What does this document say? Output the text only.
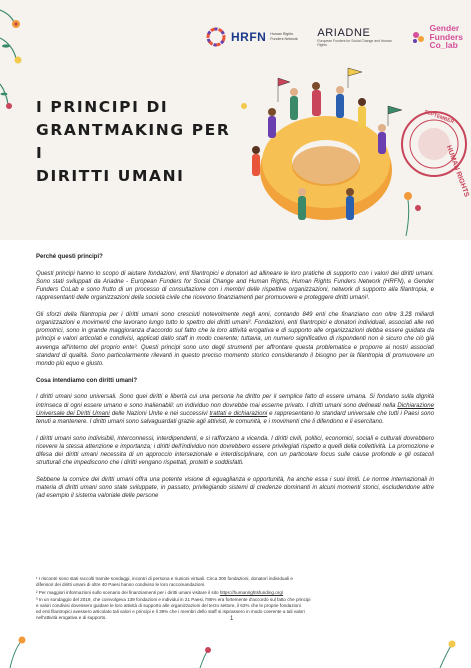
HRFN Human Rights Funders Network	ARIADNE
European Funders for Social Change and Human Rights
Gender
Funders
Co_lab
I PRINCIPI DI
GRANTMAKING PER I
DIRITTI UMANI
SEPTEMBER
HUMAN RIGHTS

Perché questi principi?

Questi principi hanno lo scopo di aiutare fondazioni, enti filantropici e donatori ad allineare le loro pratiche di supporto con i valori dei diritti umani. Sono stati sviluppati da Ariadne - European Funders for Social Change and Human Rights, Human Rights Funders Network (HRFN), e Gender Funders CoLab e sono frutto di un processo di consultazione con i membri delle rispettive organizzazioni, network di supporto alla filantropia, e rappresentanti delle organizzazioni della società civile che ricevono finanziamenti per promuovere e proteggere diritti umani¹.

Gli sforzi della filantropia per i diritti umani sono cresciuti notevolmente negli anni, contando 849 enti che finanziano con oltre 3.2$ miliardi organizzazioni e movimenti che lavorano lungo tutto lo spettro dei diritti umani². Fondazioni, enti filantropici e donatori individuali, associati alle reti promotrici, sono in grande maggioranza d'accordo sul fatto che la loro attività erogativa e di supporto alle organizzazioni debba essere guidata da principi e valori articolati e condivisi, applicati dallo staff in modo coerente; tuttavia, un numero significativo di rispondenti non è sicuro che ciò già avvenga all'interno del proprio ente³. Questi principi sono uno degli strumenti per affrontare questa problematica e proporre ai nostri associati standard di qualità. Sono particolarmente rilevanti in questo preciso momento storico considerando il bisogno per la filantropia di promuovere un mondo più equo e giusto.

Cosa intendiamo con diritti umani?

I diritti umani sono universali. Sono quei diritti e libertà cui una persona ha diritto per il semplice fatto di essere umana. Si fondano sulla dignità intrinseca di ogni essere umano e sono inalienabili: un individuo non dovrebbe mai esserne privato. I diritti umani sono delineati nella Dichiarazione Universale dei Diritti Umani delle Nazioni Unite e nei successivi trattati e dichiarazioni e rappresentano lo standard universale che tutti i Paesi sono tenuti a mantenere. I diritti umani sono salvaguardati grazie agli attivisti, le comunità, e i movimenti che li difendono e li esercitano.

I diritti umani sono indivisibili, interconnessi, interdipendenti, e si rafforzano a vicenda. I diritti civili, politici, economici, sociali e culturali dovrebbero ricevere la stessa attenzione e importanza; i diritti dell'individuo non dovrebbero essere privilegiati rispetto a quelli della collettività. La promozione e difesa dei diritti umani necessita di un approccio intersezionale e interdisciplinare, con un particolare focus sulle cause profonde e gli ostacoli strutturali che impediscono che i diritti vengano rispettati, protetti e soddisfatti.

Sebbene la cornice dei diritti umani offra una potente visione di eguaglianza e opportunità, ha anche essa i suoi limiti. Le norme internazionali in materia di diritti umani sono state sviluppate, in passato, privilegiando sistemi di credenze dominanti in alcuni momenti storici, escludendone altre (ad esempio il sistema valoriale delle persone

¹ I riscontri sono stati raccolti tramite sondaggi, incontri di persona e riunioni virtuali. Circa 300 fondazioni, donatori individuali e
difensori dei diritti umani di oltre 40 Paesi hanno condiviso le loro raccomandazioni.
² Per maggiori informazioni sullo scenario dei finanziamenti per i diritti umani visitare il sito https://humanrightsfunding.org/
³ In un sondaggio del 2019, che coinvolgeva 139 fondazioni e individui in 21 Paesi, l'85% era fortemente d'accordo sul fatto che principi
e valori condivisi dovessero guidare le loro attività di supporto alle organizzazioni del terzo settore, il 62% che le proprie fondazioni
ed enti filantropici avessero articolato tali valori e principi e il 39% che i membri dello staff si ispirassero in modo coerente a tali valori
nell'attività erogativa e di supporto.	1
